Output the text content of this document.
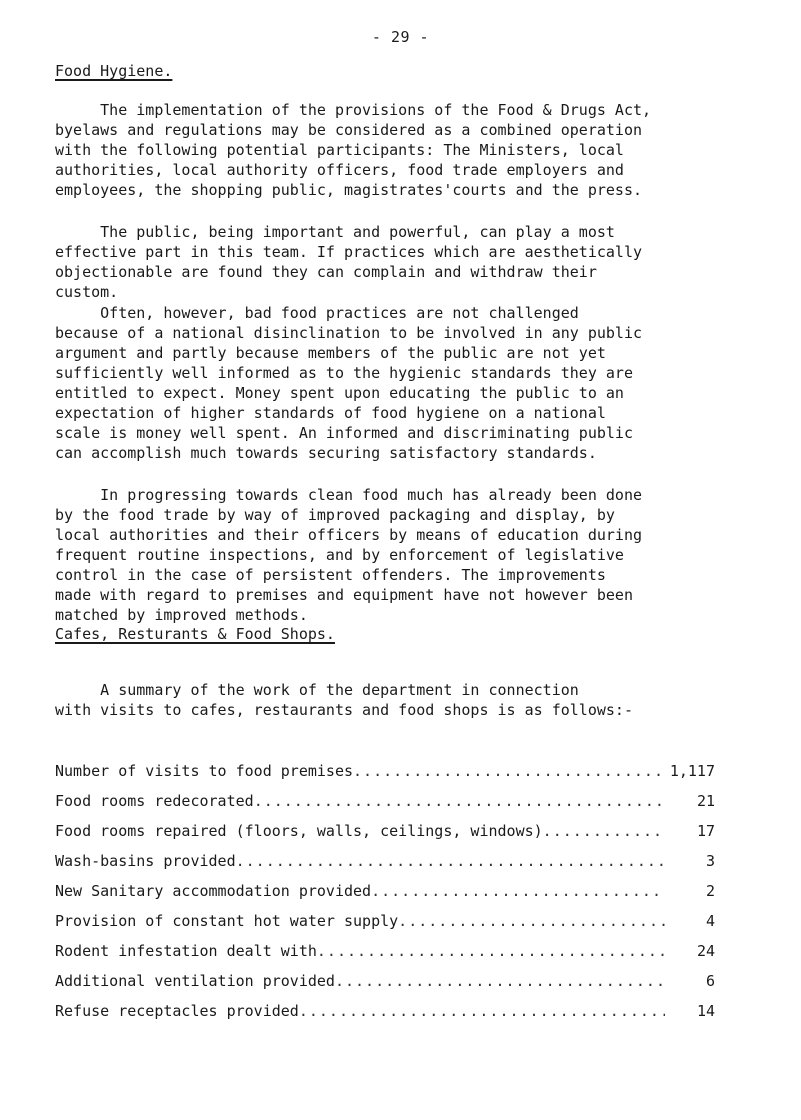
- 29 -
Food Hygiene.

The implementation of the provisions of the Food & Drugs Act,
byelaws and regulations may be considered as a combined operation
with the following potential participants: The Ministers, local
authorities, local authority officers, food trade employers and
employees, the shopping public, magistrates'courts and the press.

The public, being important and powerful, can play a most
effective part in this team. If practices which are aesthetically
objectionable are found they can complain and withdraw their
custom.

Often, however, bad food practices are not challenged
because of a national disinclination to be involved in any public
argument and partly because members of the public are not yet
sufficiently well informed as to the hygienic standards they are
entitled to expect. Money spent upon educating the public to an
expectation of higher standards of food hygiene on a national
scale is money well spent. An informed and discriminating public
can accomplish much towards securing satisfactory standards.

In progressing towards clean food much has already been done
by the food trade by way of improved packaging and display, by
local authorities and their officers by means of education during
frequent routine inspections, and by enforcement of legislative
control in the case of persistent offenders. The improvements
made with regard to premises and equipment have not however been
matched by improved methods.

Cafes, Resturants & Food Shops.

A summary of the work of the department in connection
with visits to cafes, restaurants and food shops is as follows:-

Number of visits to food premises .....	1,117
Food rooms redecorated .....	21
Food rooms repaired (floors, walls, ceilings, windows) .....	17
Wash-basins provided .....	3
New Sanitary accommodation provided .....	2
Provision of constant hot water supply .....	4
Rodent infestation dealt with .....	24
Additional ventilation provided .....	6
Refuse receptacles provided .....	14
